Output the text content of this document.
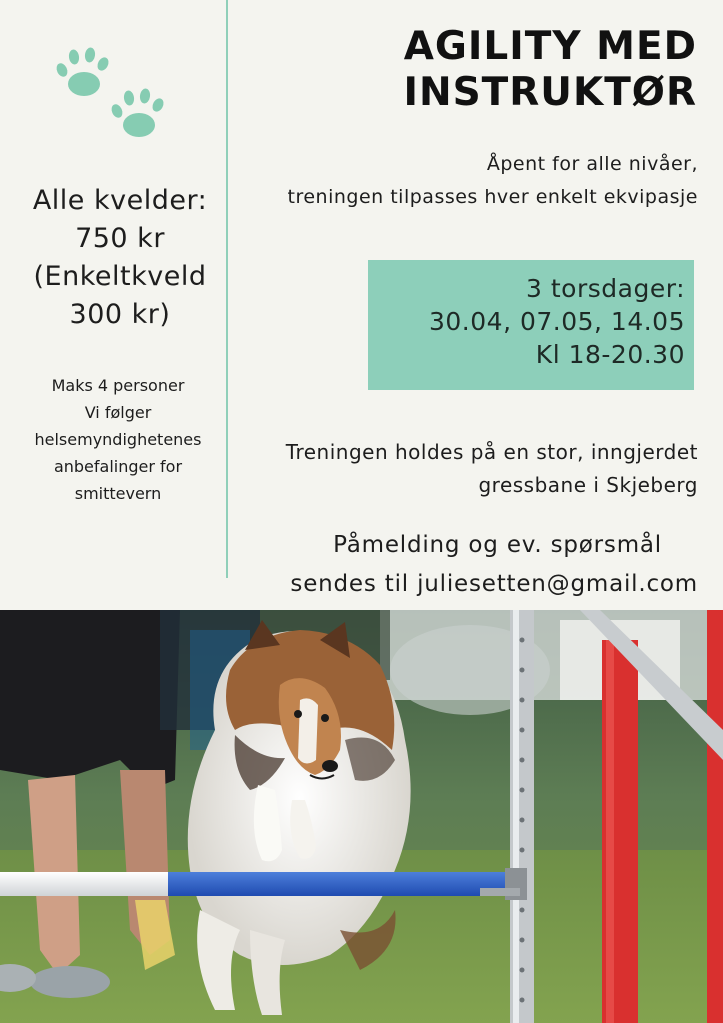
Alle kvelder:
750 kr
(Enkeltkveld
300 kr)
Maks 4 personer
Vi følger
helsemyndighetenes
anbefalinger for
smittevern
AGILITY MED
INSTRUKTØR
Åpent for alle nivåer,
treningen tilpasses hver enkelt ekvipasje
3 torsdager:
30.04, 07.05, 14.05
Kl 18-20.30
Treningen holdes på en stor, inngjerdet
gressbane i Skjeberg
Påmelding og ev. spørsmål
sendes til juliesetten@gmail.com
